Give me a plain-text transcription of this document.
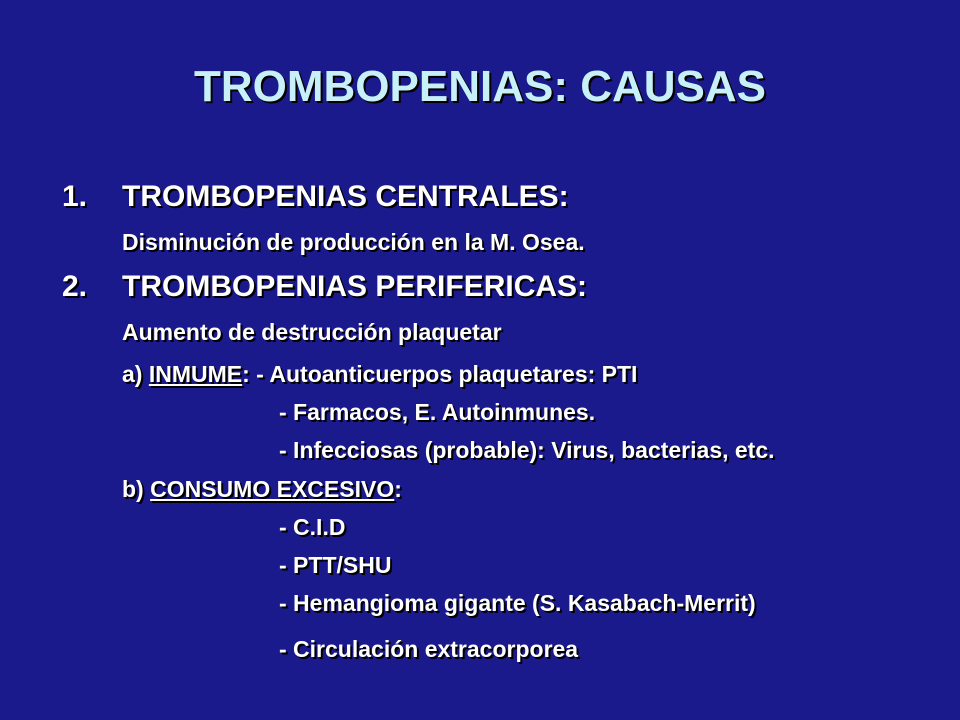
TROMBOPENIAS: CAUSAS
1. TROMBOPENIAS CENTRALES:
Disminución de producción en la M. Osea.
2. TROMBOPENIAS PERIFERICAS:
Aumento de destrucción plaquetar
a) INMUME: - Autoanticuerpos plaquetares: PTI
- Farmacos, E. Autoinmunes.
- Infecciosas (probable): Virus, bacterias, etc.
b) CONSUMO EXCESIVO:
- C.I.D
- PTT/SHU
- Hemangioma gigante (S. Kasabach-Merrit)
- Circulación extracorporea
